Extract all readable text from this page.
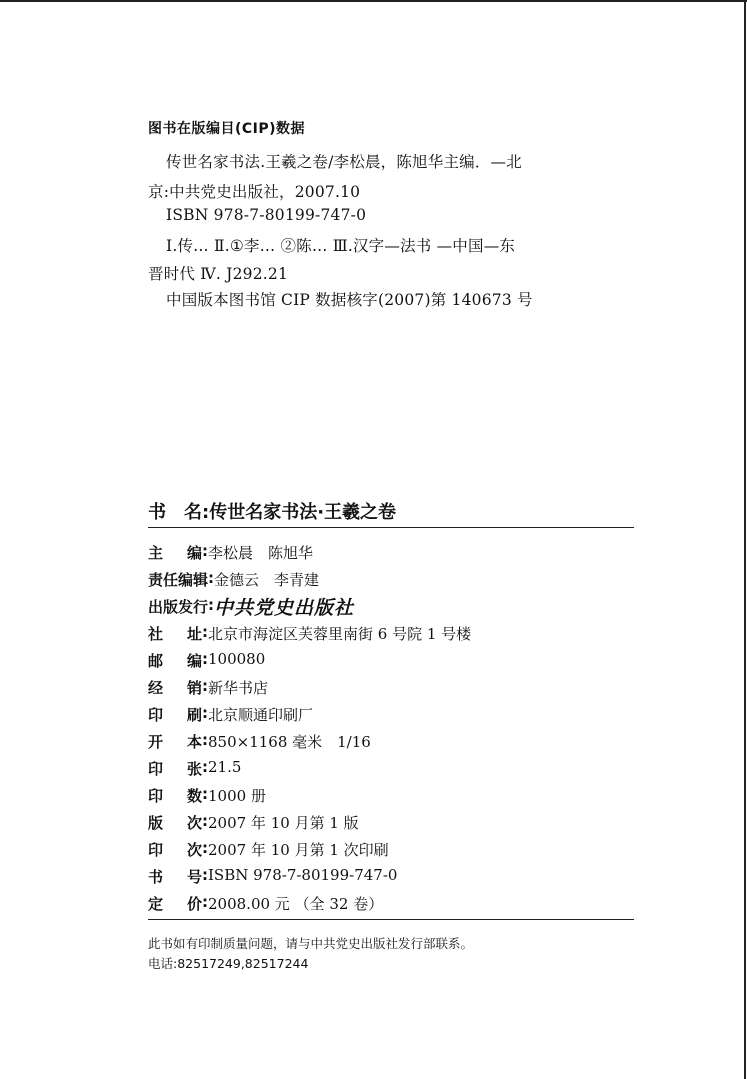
图书在版编目(CIP)数据
传世名家书法.王羲之卷/李松晨，陈旭华主编．—北
京:中共党史出版社，2007.10
ISBN 978-7-80199-747-0
Ⅰ.传… Ⅱ.①李… ②陈… Ⅲ.汉字—法书 —中国—东
晋时代 Ⅳ. J292.21
中国版本图书馆 CIP 数据核字(2007)第 140673 号
书　名:传世名家书法·王羲之卷
主 编 : 李松晨　陈旭华
责任 编辑 : 金德云　李青建
出版 发行 : 中共党史出版社
社 址 : 北京市海淀区芙蓉里南街 6 号院 1 号楼
邮 编 : 100080
经 销 : 新华书店
印 刷 : 北京顺通印刷厂
开 本 : 850×1168 毫米　1/16
印 张 : 21.5
印 数 : 1000 册
版 次 : 2007 年 10 月第 1 版
印 次 : 2007 年 10 月第 1 次印刷
书 号 : ISBN 978-7-80199-747-0
定 价 : 2008.00 元 （全 32 卷）
此书如有印制质量问题，请与中共党史出版社发行部联系。
电话:82517249,82517244
